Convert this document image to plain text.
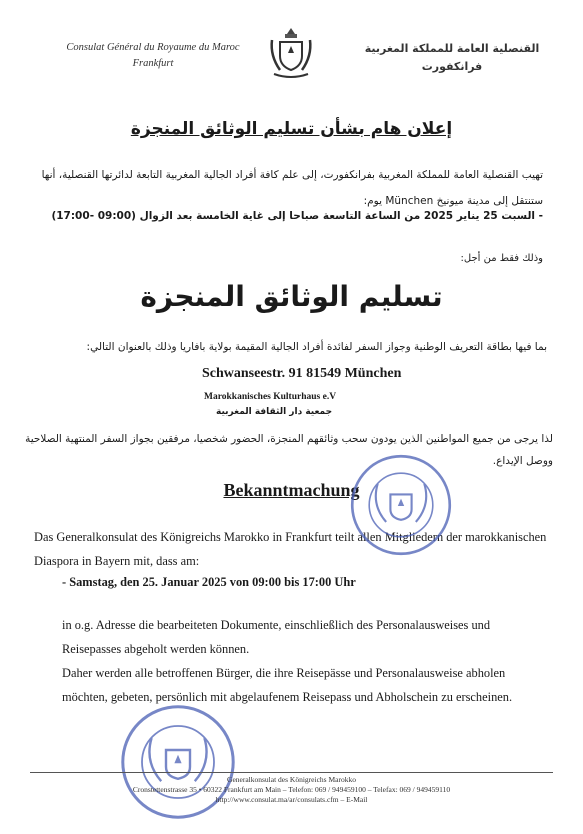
Consulat Général du Royaume du Maroc
Frankfurt
القنصلية العامة للمملكة المغربية
فرانكفورت
إعلان هام بشأن تسليم الوثائق المنجزة
تهيب القنصلية العامة للمملكة المغربية بفرانكفورت، إلى علم كافة أفراد الجالية المغربية التابعة لدائرتها القنصلية، أنها ستنتقل إلى مدينة ميونيخ München يوم:
- السبت 25 يناير 2025 من الساعة التاسعة صباحا إلى غاية الخامسة بعد الزوال (09:00 -17:00)
وذلك فقط من أجل:
تسليم الوثائق المنجزة
بما فيها بطاقة التعريف الوطنية وجواز السفر لفائدة أفراد الجالية المقيمة بولاية بافاريا وذلك بالعنوان التالي:
Schwanseestr. 91 81549 München
Marokkanisches Kulturhaus e.V
جمعية دار الثقافة المغربية
لذا يرجى من جميع المواطنين الذين يودون سحب وثائقهم المنجزة، الحضور شخصيا، مرفقين بجواز السفر المنتهية الصلاحية ووصل الإيداع.
Bekanntmachung
Das Generalkonsulat des Königreichs Marokko in Frankfurt teilt allen Mitgliedern der marokkanischen Diaspora in Bayern mit, dass am:
- Samstag, den 25. Januar 2025 von 09:00 bis 17:00 Uhr
in o.g. Adresse die bearbeiteten Dokumente, einschließlich des Personalausweises und Reisepasses abgeholt werden können.
Daher werden alle betroffenen Bürger, die ihre Reisepässe und Personalausweise abholen möchten, gebeten, persönlich mit abgelaufenem Reisepass und Abholschein zu erscheinen.
Generalkonsulat des Königreichs Marokko
Cronstettenstrasse 35 • 60322 Frankfurt am Main – Telefon: 069 / 949459100 – Telefax: 069 / 949459110
http://www.consulat.ma/ar/consulats.cfm – E-Mail
